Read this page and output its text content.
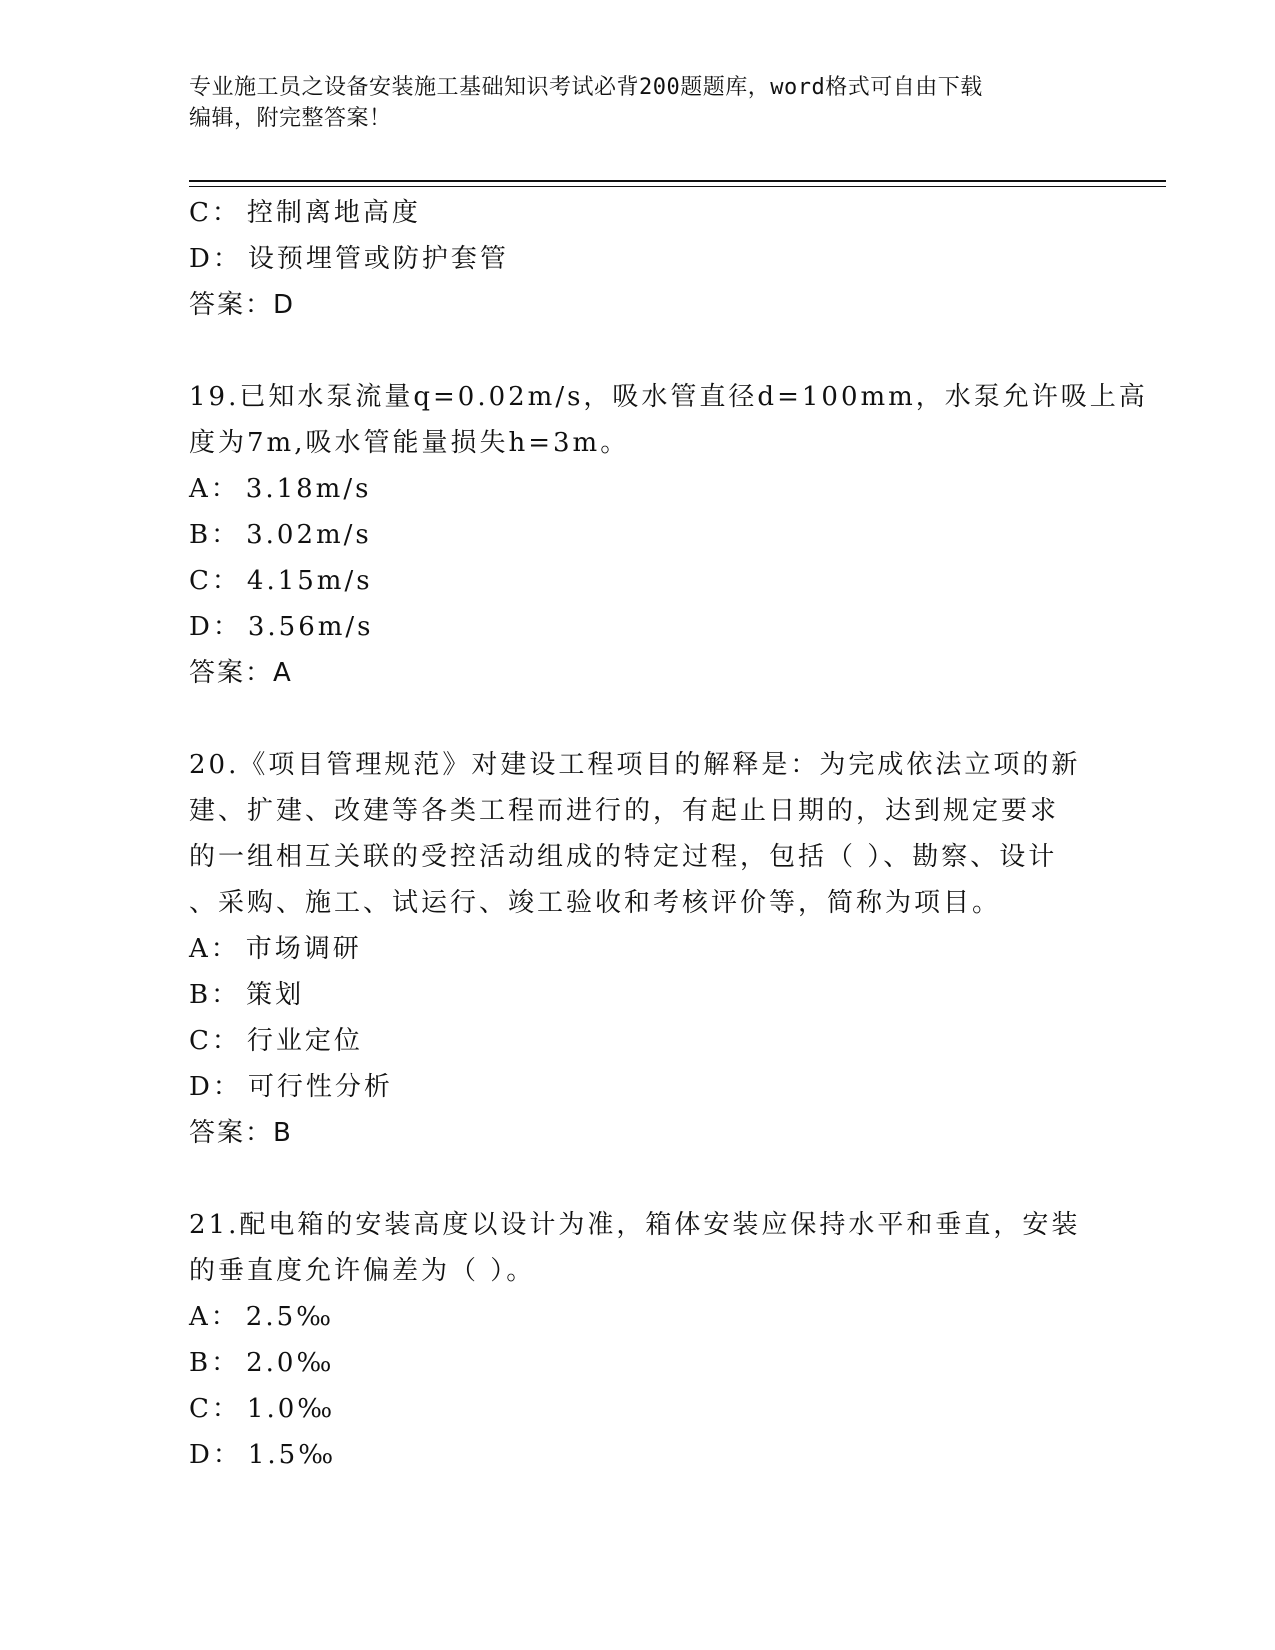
专业施工员之设备安装施工基础知识考试必背200题题库，word格式可自由下载
编辑，附完整答案！
C： 控制离地高度
D： 设预埋管或防护套管
答案：D
19.已知水泵流量q=0.02m/s，吸水管直径d=100mm，水泵允许吸上高
度为7m,吸水管能量损失h=3m。
A： 3.18m/s
B： 3.02m/s
C： 4.15m/s
D： 3.56m/s
答案：A
20.《项目管理规范》对建设工程项目的解释是：为完成依法立项的新
建、扩建、改建等各类工程而进行的，有起止日期的，达到规定要求
的一组相互关联的受控活动组成的特定过程，包括（ ）、勘察、设计
、采购、施工、试运行、竣工验收和考核评价等，简称为项目。
A： 市场调研
B： 策划
C： 行业定位
D： 可行性分析
答案：B
21.配电箱的安装高度以设计为准，箱体安装应保持水平和垂直，安装
的垂直度允许偏差为（ ）。
A： 2.5‰
B： 2.0‰
C： 1.0‰
D： 1.5‰
